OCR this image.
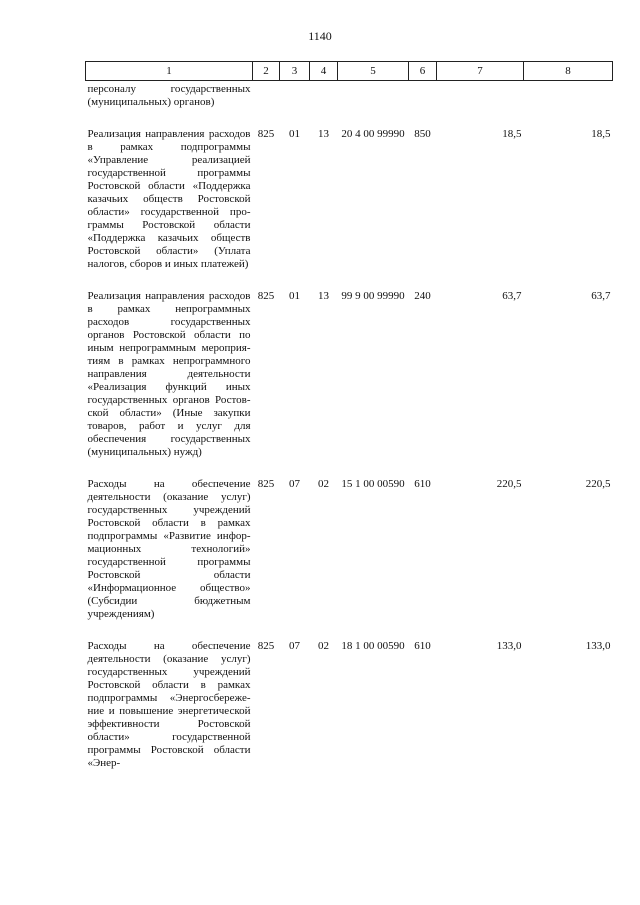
1140
1	2	3	4	5	6	7	8
персоналу государственных (муниципальных) органов)							
Реализация направления расходов в рамках подпрограммы «Управление реализацией государственной программы Ростовской области «Поддержка казачьих обществ Ростовской области» государственной программы Ростовской области «Поддержка казачьих обществ Ростовской области» (Уплата налогов, сборов и иных платежей)	825	01	13	20 4 00 99990	850	18,5	18,5
Реализация направления расходов в рамках непрограммных расходов государственных органов Ростовской области по иным непрограммным мероприятиям в рамках непрограммного направления деятельности «Реализация функций иных государственных органов Ростовской области» (Иные закупки товаров, работ и услуг для обеспечения государственных (муниципальных) нужд)	825	01	13	99 9 00 99990	240	63,7	63,7
Расходы на обеспечение деятельности (оказание услуг) государственных учреждений Ростовской области в рамках подпрограммы «Развитие информационных технологий» государственной программы Ростовской области «Информационное общество» (Субсидии бюджетным учреждениям)	825	07	02	15 1 00 00590	610	220,5	220,5
Расходы на обеспечение деятельности (оказание услуг) государственных учреждений Ростовской области в рамках подпрограммы «Энергосбережение и повышение энергетической эффективности Ростовской области» государственной программы Ростовской области «Энер-	825	07	02	18 1 00 00590	610	133,0	133,0
